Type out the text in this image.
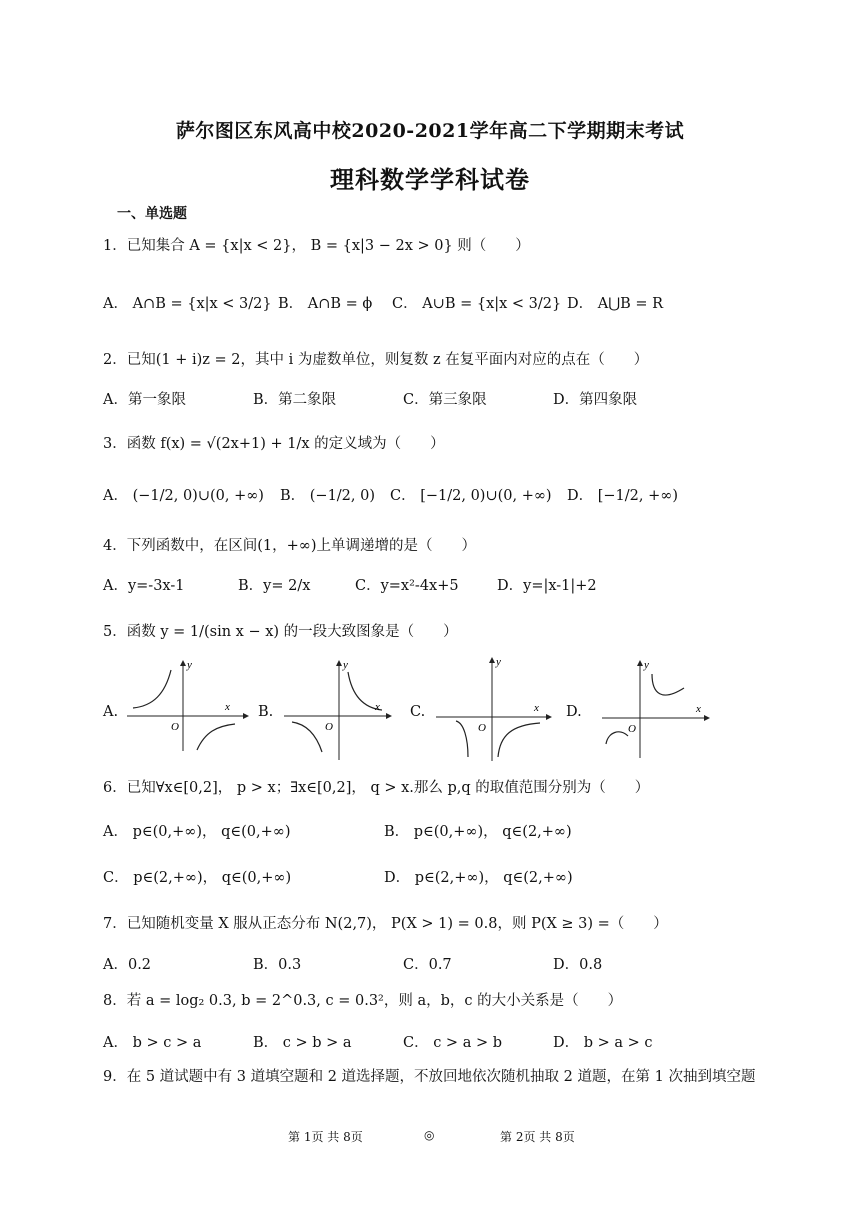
萨尔图区东风高中校2020-2021学年高二下学期期末考试
理科数学学科试卷
一、单选题
1．已知集合 A = {x|x < 2}， B = {x|3 − 2x > 0} 则（　　）
A． A∩B = {x|x < 3/2} B． A∩B = ϕ C． A∪B = {x|x < 3/2} D． A⋃B = R
2．已知(1 + i)z = 2，其中 i 为虚数单位，则复数 z 在复平面内对应的点在（　　）
A．第一象限	B．第二象限	C．第三象限	D．第四象限
3．函数 f(x) = √(2x+1) + 1/x 的定义域为（　　）
A． (−1/2, 0)∪(0, +∞) B． (−1/2, 0) C． [−1/2, 0)∪(0, +∞) D． [−1/2, +∞)
4．下列函数中，在区间(1，+∞)上单调递增的是（　　）
A．y=-3x-1	B．y= 2/x	C．y=x²-4x+5	D．y=|x-1|+2
5．函数 y = 1/(sin x − x) 的一段大致图象是（　　）
A.	x
y
O
B.	x
y
O
C.	x
y
O
D.	x
y
O
6．已知∀x∈[0,2]， p > x；∃x∈[0,2]， q > x.那么 p,q 的取值范围分别为（　　）
A． p∈(0,+∞)， q∈(0,+∞)	B． p∈(0,+∞)， q∈(2,+∞)
C． p∈(2,+∞)， q∈(0,+∞)	D． p∈(2,+∞)， q∈(2,+∞)
7．已知随机变量 X 服从正态分布 N(2,7)， P(X > 1) = 0.8，则 P(X ≥ 3) =（　　）
A．0.2	B．0.3	C．0.7	D．0.8
8．若 a = log₂ 0.3, b = 2^0.3, c = 0.3²，则 a，b，c 的大小关系是（　　）
A． b > c > a	B． c > b > a	C． c > a > b	D． b > a > c
9．在 5 道试题中有 3 道填空题和 2 道选择题，不放回地依次随机抽取 2 道题，在第 1 次抽到填空题
第 1页 共 8页	◎	第 2页 共 8页
